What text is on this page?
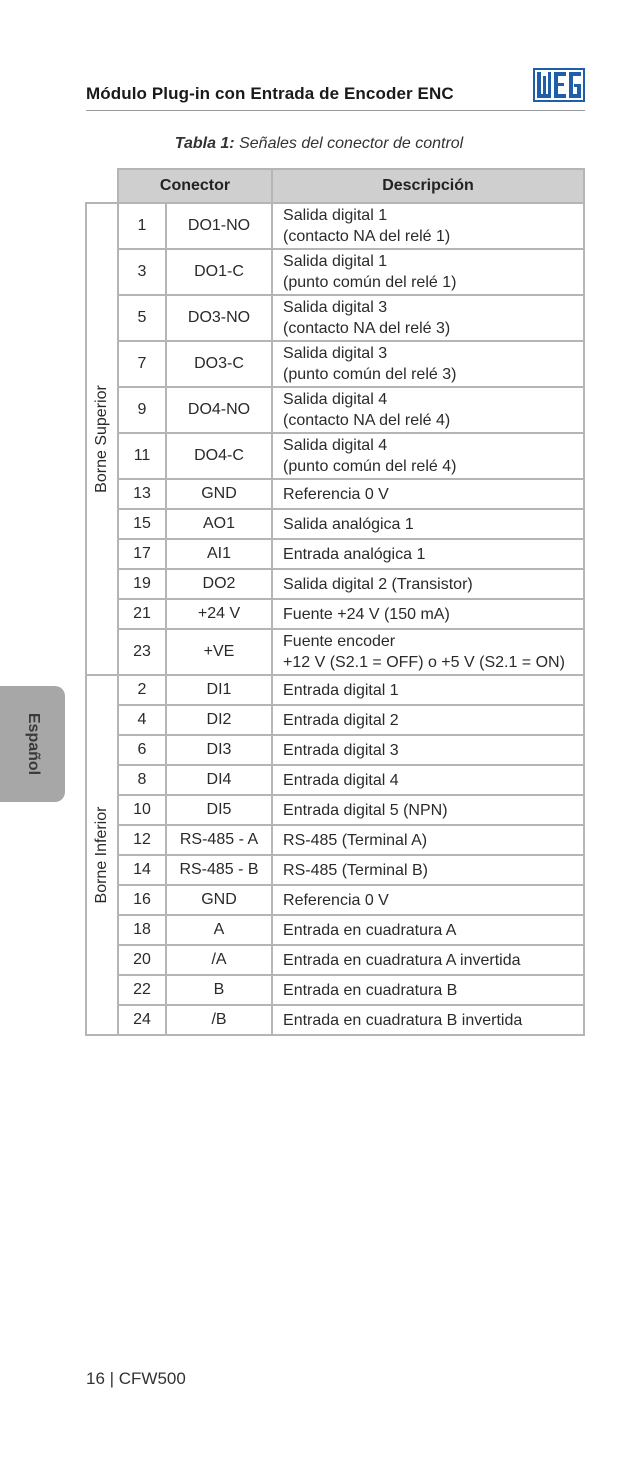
Módulo Plug-in con Entrada de Encoder ENC
Tabla 1: Señales del conector de control
	Conector		Descripción

Borne Superior	1	DO1-NO	Salida digital 1
(contacto NA del relé 1)

	3	DO1-C	Salida digital 1
(punto común del relé 1)

	5	DO3-NO	Salida digital 3
(contacto NA del relé 3)

	7	DO3-C	Salida digital 3
(punto común del relé 3)

	9	DO4-NO	Salida digital 4
(contacto NA del relé 4)

	11	DO4-C	Salida digital 4
(punto común del relé 4)

	13	GND	Referencia 0 V

	15	AO1	Salida analógica 1

	17	AI1	Entrada analógica 1

	19	DO2	Salida digital 2 (Transistor)

	21	+24 V	Fuente +24 V (150 mA)

	23	+VE	Fuente encoder
+12 V (S2.1 = OFF) o +5 V (S2.1 = ON)

Borne Inferior	2	DI1	Entrada digital 1

	4	DI2	Entrada digital 2

	6	DI3	Entrada digital 3

	8	DI4	Entrada digital 4

	10	DI5	Entrada digital 5 (NPN)

	12	RS-485 - A	RS-485 (Terminal A)

	14	RS-485 - B	RS-485 (Terminal B)

	16	GND	Referencia 0 V

	18	A	Entrada en cuadratura A

	20	/A	Entrada en cuadratura A invertida

	22	B	Entrada en cuadratura B

	24	/B	Entrada en cuadratura B invertida
Español
16 | CFW500
